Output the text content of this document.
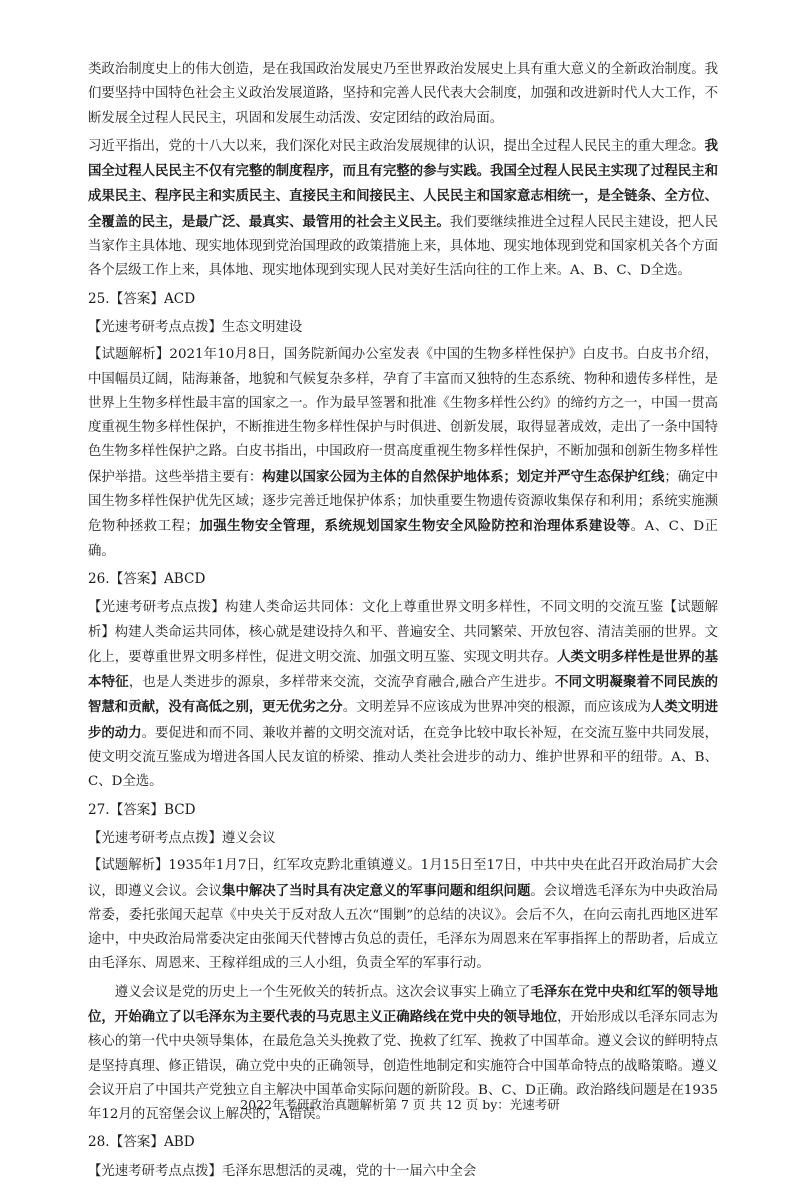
类政治制度史上的伟大创造，是在我国政治发展史乃至世界政治发展史上具有重大意义的全新政治制度。我们要坚持中国特色社会主义政治发展道路，坚持和完善人民代表大会制度，加强和改进新时代人大工作，不断发展全过程人民民主，巩固和发展生动活泼、安定团结的政治局面。

习近平指出，党的十八大以来，我们深化对民主政治发展规律的认识，提出全过程人民民主的重大理念。我国全过程人民民主不仅有完整的制度程序，而且有完整的参与实践。我国全过程人民民主实现了过程民主和成果民主、程序民主和实质民主、直接民主和间接民主、人民民主和国家意志相统一，是全链条、全方位、全覆盖的民主，是最广泛、最真实、最管用的社会主义民主。我们要继续推进全过程人民民主建设，把人民当家作主具体地、现实地体现到党治国理政的政策措施上来，具体地、现实地体现到党和国家机关各个方面各个层级工作上来，具体地、现实地体现到实现人民对美好生活向往的工作上来。A、B、C、D全选。

25.【答案】ACD

【光速考研考点点拨】生态文明建设

【试题解析】2021年10月8日，国务院新闻办公室发表《中国的生物多样性保护》白皮书。白皮书介绍，中国幅员辽阔，陆海兼备，地貌和气候复杂多样，孕育了丰富而又独特的生态系统、物种和遗传多样性，是世界上生物多样性最丰富的国家之一。作为最早签署和批准《生物多样性公约》的缔约方之一，中国一贯高度重视生物多样性保护，不断推进生物多样性保护与时俱进、创新发展，取得显著成效，走出了一条中国特色生物多样性保护之路。白皮书指出，中国政府一贯高度重视生物多样性保护，不断加强和创新生物多样性保护举措。这些举措主要有：构建以国家公园为主体的自然保护地体系；划定并严守生态保护红线；确定中国生物多样性保护优先区域；逐步完善迁地保护体系；加快重要生物遗传资源收集保存和利用；系统实施濒危物种拯救工程；加强生物安全管理，系统规划国家生物安全风险防控和治理体系建设等。A、C、D正确。

26.【答案】ABCD

【光速考研考点点拨】构建人类命运共同体：文化上尊重世界文明多样性，不同文明的交流互鉴【试题解析】构建人类命运共同体，核心就是建设持久和平、普遍安全、共同繁荣、开放包容、清洁美丽的世界。文化上，要尊重世界文明多样性，促进文明交流、加强文明互鉴、实现文明共存。人类文明多样性是世界的基本特征，也是人类进步的源泉，多样带来交流，交流孕育融合,融合产生进步。不同文明凝聚着不同民族的智慧和贡献，没有高低之别，更无优劣之分。文明差异不应该成为世界冲突的根源，而应该成为人类文明进步的动力。要促进和而不同、兼收并蓄的文明交流对话，在竞争比较中取长补短，在交流互鉴中共同发展，使文明交流互鉴成为增进各国人民友谊的桥梁、推动人类社会进步的动力、维护世界和平的纽带。A、B、C、D全选。

27.【答案】BCD

【光速考研考点点拨】遵义会议

【试题解析】1935年1月7日，红军攻克黔北重镇遵义。1月15日至17日，中共中央在此召开政治局扩大会议，即遵义会议。会议集中解决了当时具有决定意义的军事问题和组织问题。会议增选毛泽东为中央政治局常委，委托张闻天起草《中央关于反对敌人五次“围剿”的总结的决议》。会后不久，在向云南扎西地区进军途中，中央政治局常委决定由张闻天代替博古负总的责任，毛泽东为周恩来在军事指挥上的帮助者，后成立由毛泽东、周恩来、王稼祥组成的三人小组，负责全军的军事行动。

遵义会议是党的历史上一个生死攸关的转折点。这次会议事实上确立了毛泽东在党中央和红军的领导地位，开始确立了以毛泽东为主要代表的马克思主义正确路线在党中央的领导地位，开始形成以毛泽东同志为核心的第一代中央领导集体，在最危急关头挽救了党、挽救了红军、挽救了中国革命。遵义会议的鲜明特点是坚持真理、修正错误，确立党中央的正确领导，创造性地制定和实施符合中国革命特点的战略策略。遵义会议开启了中国共产党独立自主解决中国革命实际问题的新阶段。B、C、D正确。政治路线问题是在1935年12月的瓦窑堡会议上解决的，A错误。

28.【答案】ABD

【光速考研考点点拨】毛泽东思想活的灵魂，党的十一届六中全会

2022年考研政治真题解析第 7 页 共 12 页 by：光速考研
